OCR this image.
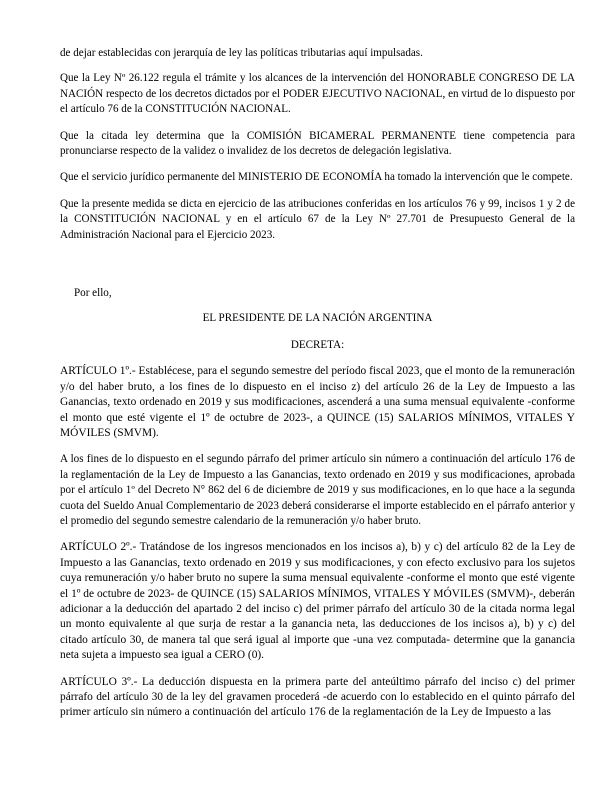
de dejar establecidas con jerarquía de ley las políticas tributarias aquí impulsadas.

Que la Ley Nº 26.122 regula el trámite y los alcances de la intervención del HONORABLE CONGRESO DE LA NACIÓN respecto de los decretos dictados por el PODER EJECUTIVO NACIONAL, en virtud de lo dispuesto por el artículo 76 de la CONSTITUCIÓN NACIONAL.

Que la citada ley determina que la COMISIÓN BICAMERAL PERMANENTE tiene competencia para pronunciarse respecto de la validez o invalidez de los decretos de delegación legislativa.

Que el servicio jurídico permanente del MINISTERIO DE ECONOMÍA ha tomado la intervención que le compete.

Que la presente medida se dicta en ejercicio de las atribuciones conferidas en los artículos 76 y 99, incisos 1 y 2 de la CONSTITUCIÓN NACIONAL y en el artículo 67 de la Ley Nº 27.701 de Presupuesto General de la Administración Nacional para el Ejercicio 2023.

Por ello,

EL PRESIDENTE DE LA NACIÓN ARGENTINA

DECRETA:

ARTÍCULO 1º.- Establécese, para el segundo semestre del período fiscal 2023, que el monto de la remuneración y/o del haber bruto, a los fines de lo dispuesto en el inciso z) del artículo 26 de la Ley de Impuesto a las Ganancias, texto ordenado en 2019 y sus modificaciones, ascenderá a una suma mensual equivalente -conforme el monto que esté vigente el 1º de octubre de 2023-, a QUINCE (15) SALARIOS MÍNIMOS, VITALES Y MÓVILES (SMVM).

A los fines de lo dispuesto en el segundo párrafo del primer artículo sin número a continuación del artículo 176 de la reglamentación de la Ley de Impuesto a las Ganancias, texto ordenado en 2019 y sus modificaciones, aprobada por el artículo 1º del Decreto N° 862 del 6 de diciembre de 2019 y sus modificaciones, en lo que hace a la segunda cuota del Sueldo Anual Complementario de 2023 deberá considerarse el importe establecido en el párrafo anterior y el promedio del segundo semestre calendario de la remuneración y/o haber bruto.

ARTÍCULO 2º.- Tratándose de los ingresos mencionados en los incisos a), b) y c) del artículo 82 de la Ley de Impuesto a las Ganancias, texto ordenado en 2019 y sus modificaciones, y con efecto exclusivo para los sujetos cuya remuneración y/o haber bruto no supere la suma mensual equivalente -conforme el monto que esté vigente el 1º de octubre de 2023- de QUINCE (15) SALARIOS MÍNIMOS, VITALES Y MÓVILES (SMVM)-, deberán adicionar a la deducción del apartado 2 del inciso c) del primer párrafo del artículo 30 de la citada norma legal un monto equivalente al que surja de restar a la ganancia neta, las deducciones de los incisos a), b) y c) del citado artículo 30, de manera tal que será igual al importe que -una vez computada- determine que la ganancia neta sujeta a impuesto sea igual a CERO (0).

ARTÍCULO 3º.- La deducción dispuesta en la primera parte del anteúltimo párrafo del inciso c) del primer párrafo del artículo 30 de la ley del gravamen procederá -de acuerdo con lo establecido en el quinto párrafo del primer artículo sin número a continuación del artículo 176 de la reglamentación de la Ley de Impuesto a las
